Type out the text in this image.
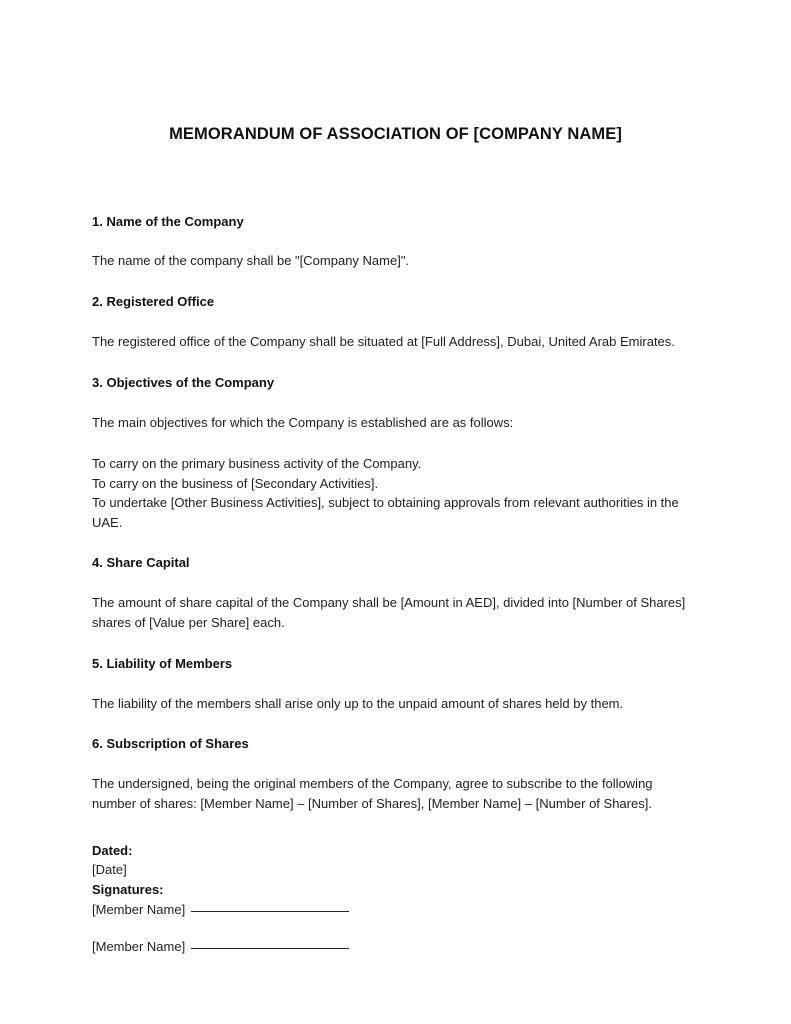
MEMORANDUM OF ASSOCIATION OF [COMPANY NAME]
1. Name of the Company
The name of the company shall be "[Company Name]".
2. Registered Office
The registered office of the Company shall be situated at [Full Address], Dubai, United Arab Emirates.
3. Objectives of the Company
The main objectives for which the Company is established are as follows:
To carry on the primary business activity of the Company.
To carry on the business of [Secondary Activities].
To undertake [Other Business Activities], subject to obtaining approvals from relevant authorities in the UAE.
4. Share Capital
The amount of share capital of the Company shall be [Amount in AED], divided into [Number of Shares] shares of [Value per Share] each.
5. Liability of Members
The liability of the members shall arise only up to the unpaid amount of shares held by them.
6. Subscription of Shares
The undersigned, being the original members of the Company, agree to subscribe to the following number of shares: [Member Name] – [Number of Shares], [Member Name] – [Number of Shares].
Dated:
[Date]
Signatures:
[Member Name]
[Member Name]
